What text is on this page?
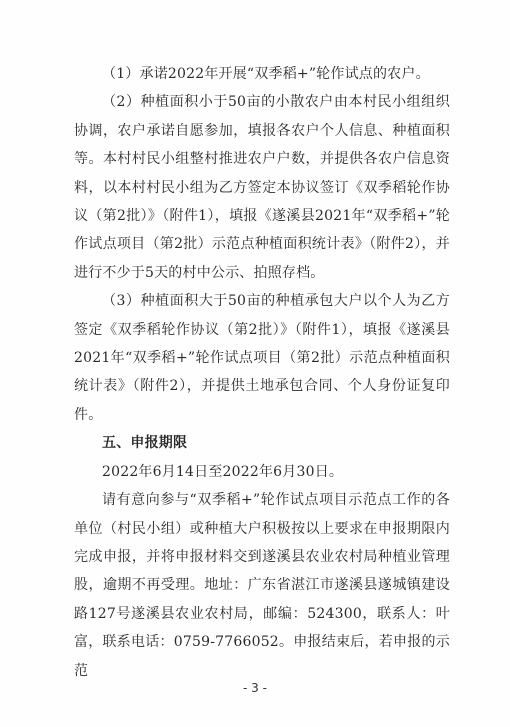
（1）承诺2022年开展“双季稻+”轮作试点的农户。

（2）种植面积小于50亩的小散农户由本村民小组组织协调，农户承诺自愿参加，填报各农户个人信息、种植面积等。本村村民小组整村推进农户户数，并提供各农户信息资料，以本村村民小组为乙方签定本协议签订《双季稻轮作协议（第2批）》（附件1），填报《遂溪县2021年“双季稻+”轮作试点项目（第2批）示范点种植面积统计表》（附件2），并进行不少于5天的村中公示、拍照存档。

（3）种植面积大于50亩的种植承包大户以个人为乙方签定《双季稻轮作协议（第2批）》（附件1），填报《遂溪县2021年“双季稻+”轮作试点项目（第2批）示范点种植面积统计表》（附件2），并提供土地承包合同、个人身份证复印件。

五、申报期限

2022年6月14日至2022年6月30日。

请有意向参与“双季稻+”轮作试点项目示范点工作的各单位（村民小组）或种植大户积极按以上要求在申报期限内完成申报，并将申报材料交到遂溪县农业农村局种植业管理股，逾期不再受理。地址：广东省湛江市遂溪县遂城镇建设路127号遂溪县农业农村局，邮编：524300，联系人：叶富，联系电话：0759-7766052。申报结束后，若申报的示范

- 3 -
